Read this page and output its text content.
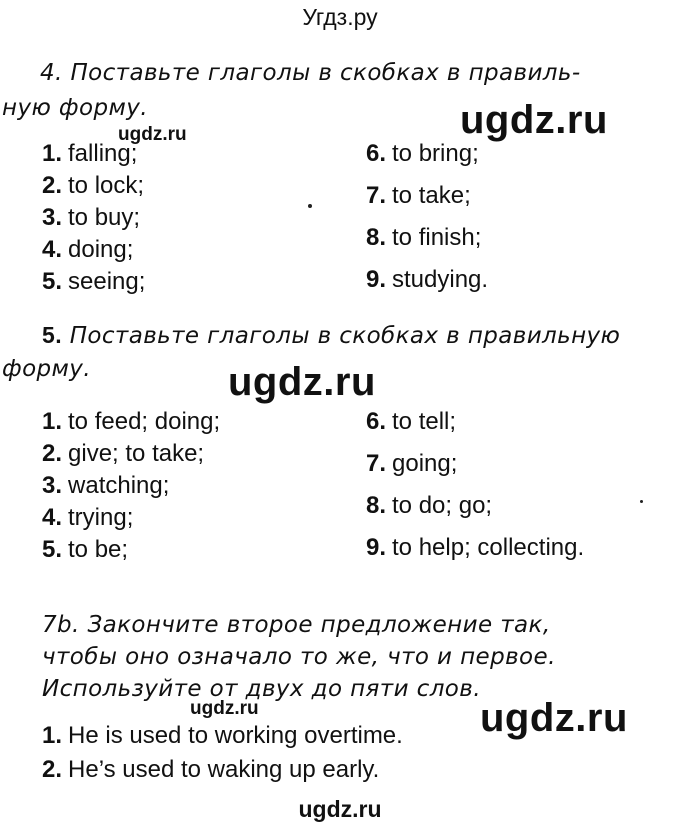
Угдз.ру
4. Поставьте глаголы в скобках в правиль-
ную форму.	ugdz.ru
ugdz.ru
1. falling;
2. to lock;
3. to buy;
4. doing;
5. seeing;
6. to bring;
7. to take;
8. to finish;
9. studying.
5. Поставьте глаголы в скобках в правильную
форму.	ugdz.ru
1. to feed; doing;
2. give; to take;
3. watching;
4. trying;
5. to be;
6. to tell;
7. going;
8. to do; go;
9. to help; collecting.
7b. Закончите второе предложение так,
чтобы оно означало то же, что и первое.
Используйте от двух до пяти слов.
ugdz.ru	ugdz.ru
1. He is used to working overtime.
2. He’s used to waking up early.
ugdz.ru
